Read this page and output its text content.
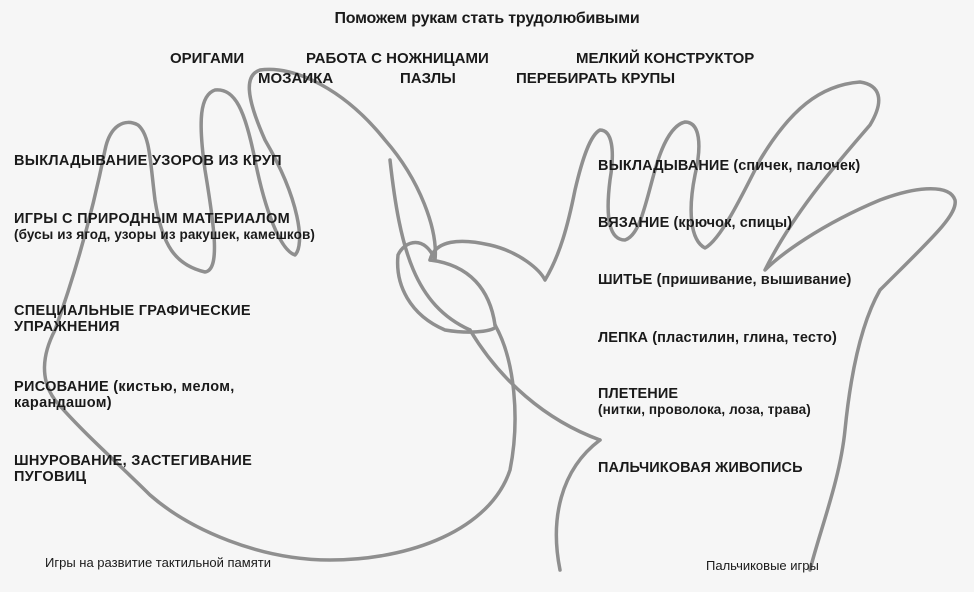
Поможем рукам стать трудолюбивыми
ОРИГАМИ	РАБОТА С НОЖНИЦАМИ	МЕЛКИЙ КОНСТРУКТОР
МОЗАИКА	ПАЗЛЫ	ПЕРЕБИРАТЬ КРУПЫ
ВЫКЛАДЫВАНИЕ УЗОРОВ ИЗ КРУП
ИГРЫ С ПРИРОДНЫМ МАТЕРИАЛОМ
(бусы из ягод, узоры из ракушек, камешков)
СПЕЦИАЛЬНЫЕ ГРАФИЧЕСКИЕ УПРАЖНЕНИЯ
РИСОВАНИЕ (кистью, мелом, карандашом)
ШНУРОВАНИЕ, ЗАСТЕГИВАНИЕ ПУГОВИЦ
ВЫКЛАДЫВАНИЕ (спичек, палочек)
ВЯЗАНИЕ (крючок, спицы)
ШИТЬЕ (пришивание, вышивание)
ЛЕПКА (пластилин, глина, тесто)
ПЛЕТЕНИЕ
(нитки, проволока, лоза, трава)
ПАЛЬЧИКОВАЯ ЖИВОПИСЬ
Игры на развитие тактильной памяти	Пальчиковые игры
